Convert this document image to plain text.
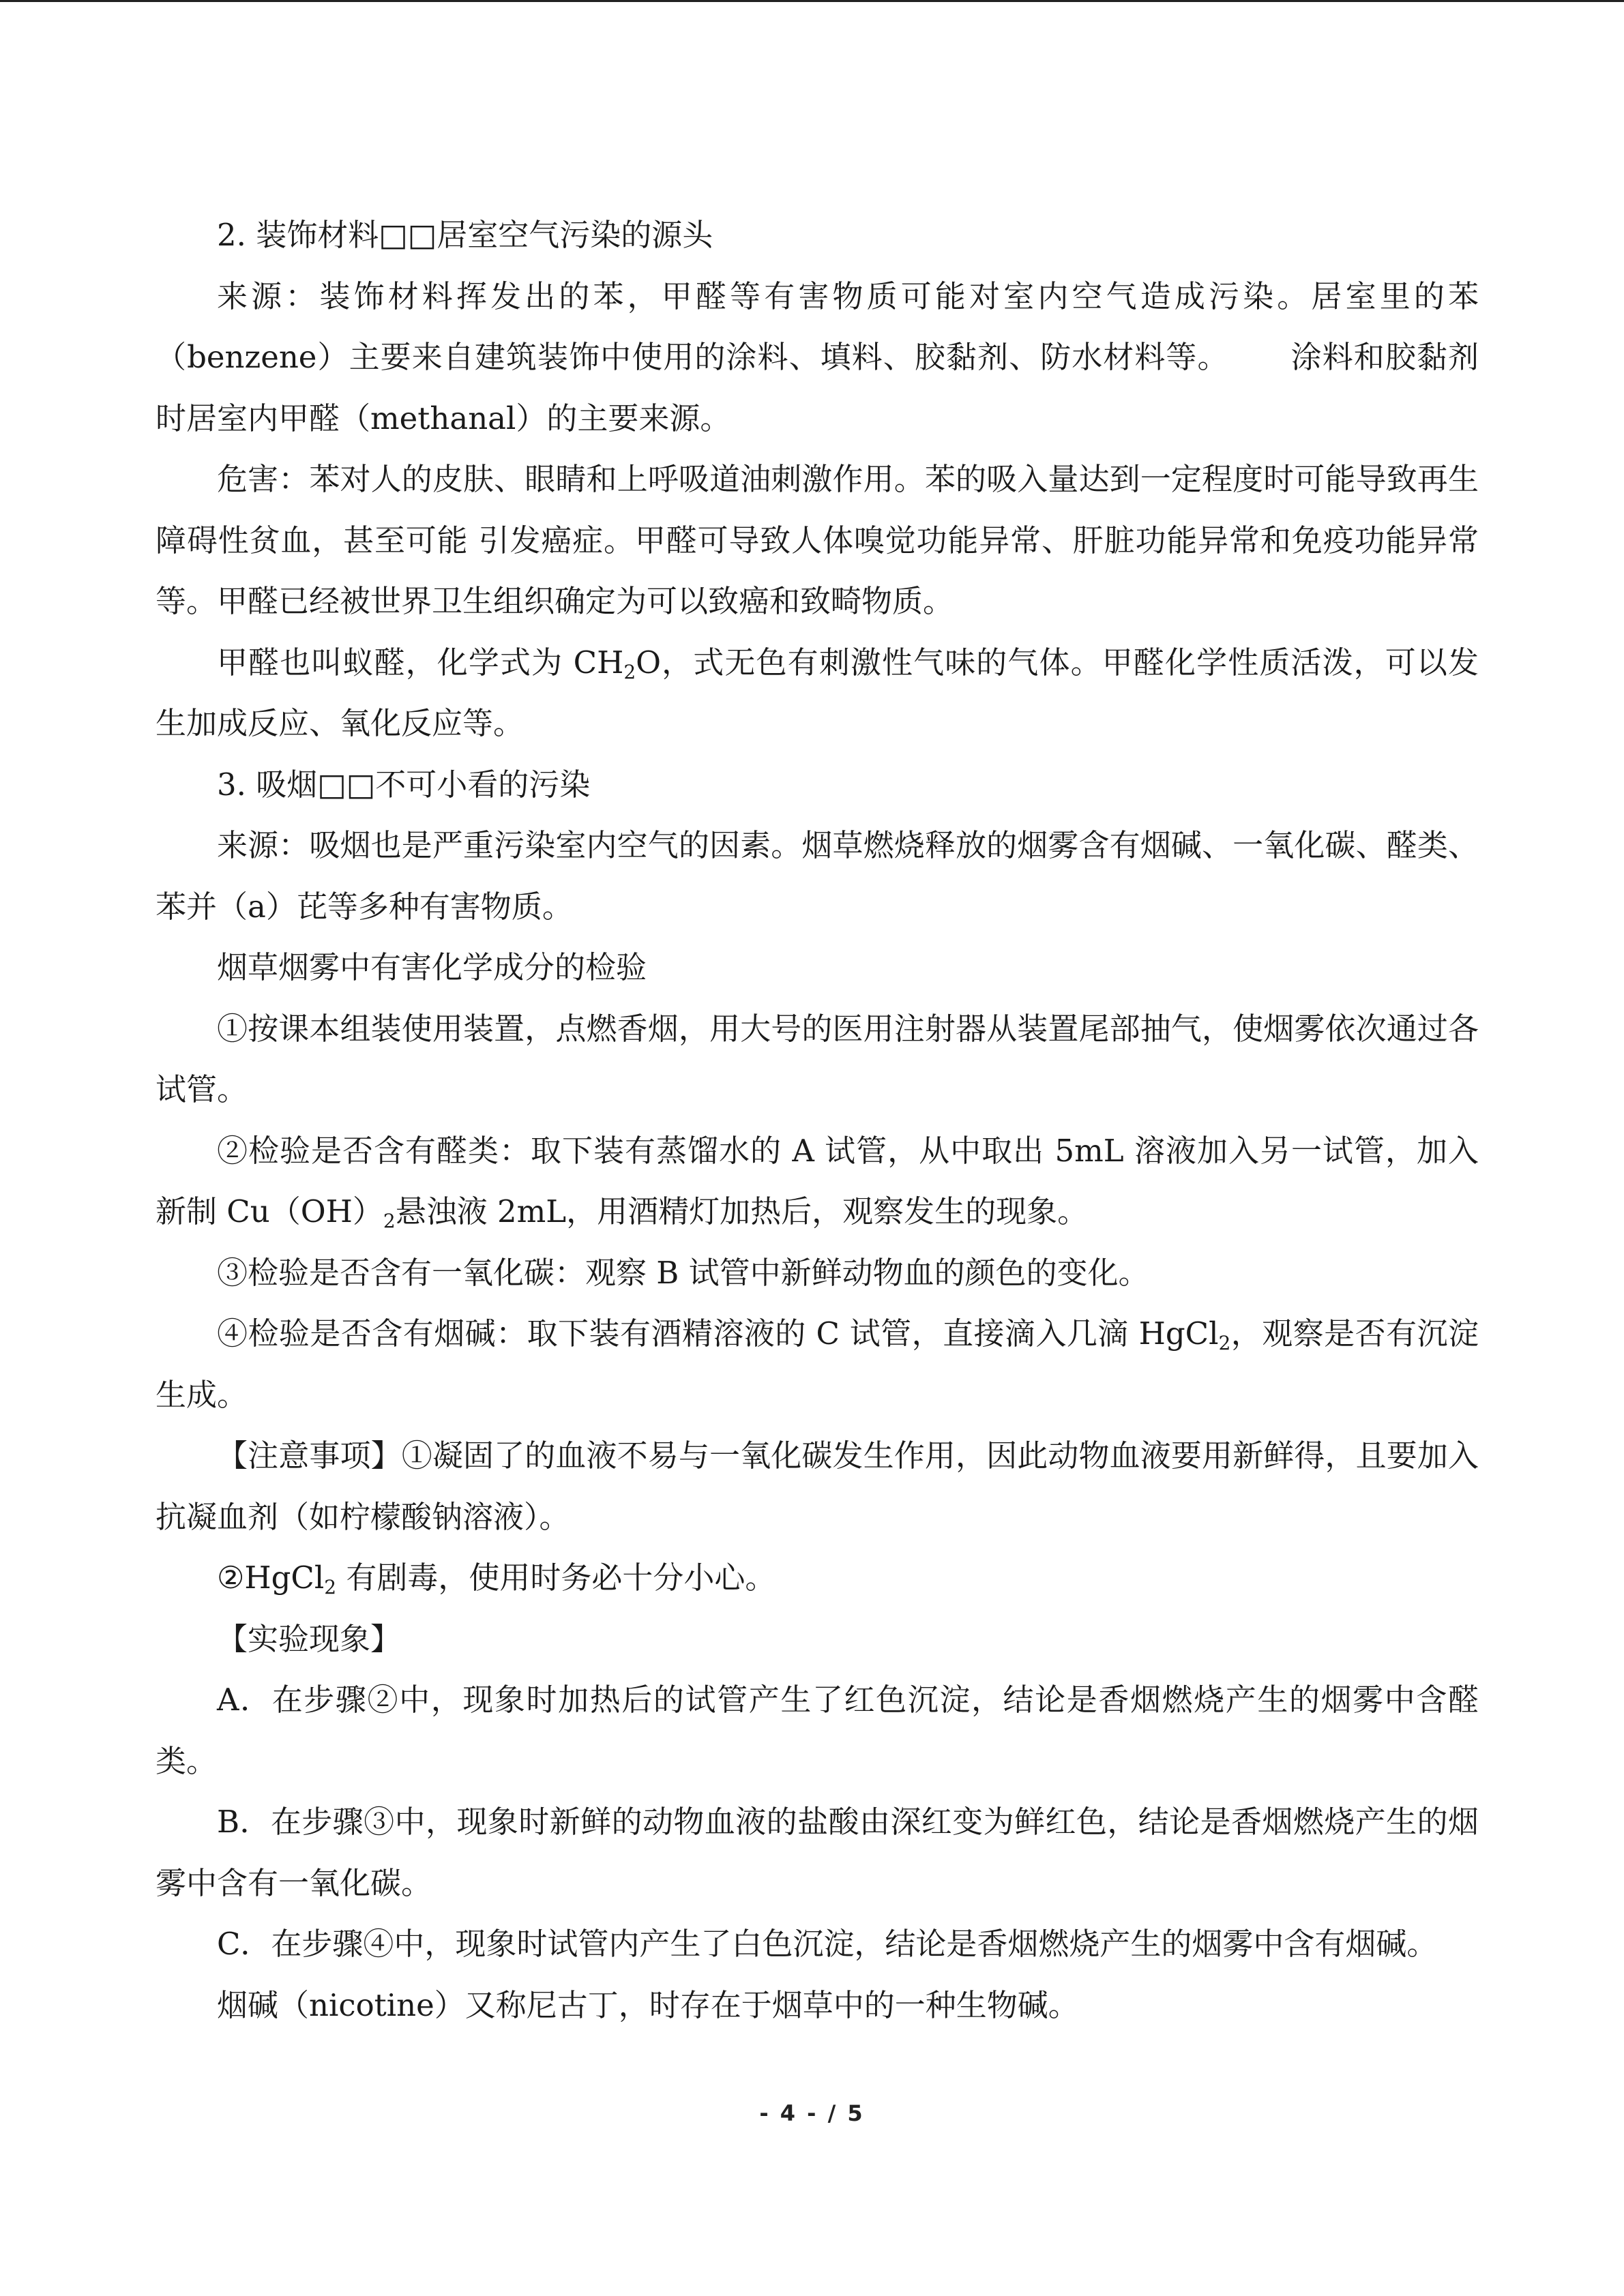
2. 装饰材料□□居室空气污染的源头

来源：装饰材料挥发出的苯，甲醛等有害物质可能对室内空气造成污染。居室里的苯（benzene）主要来自建筑装饰中使用的涂料、填料、胶黏剂、防水材料等。 涂料和胶黏剂时居室内甲醛（methanal）的主要来源。

危害：苯对人的皮肤、眼睛和上呼吸道油刺激作用。苯的吸入量达到一定程度时可能导致再生障碍性贫血，甚至可能 引发癌症。甲醛可导致人体嗅觉功能异常、肝脏功能异常和免疫功能异常等。甲醛已经被世界卫生组织确定为可以致癌和致畸物质。

甲醛也叫蚁醛，化学式为 $CH_2O$，式无色有刺激性气味的气体。甲醛化学性质活泼，可以发生加成反应、氧化反应等。

3. 吸烟□□不可小看的污染

来源：吸烟也是严重污染室内空气的因素。烟草燃烧释放的烟雾含有烟碱、一氧化碳、醛类、苯并（a）芘等多种有害物质。

烟草烟雾中有害化学成分的检验

①按课本组装使用装置，点燃香烟，用大号的医用注射器从装置尾部抽气，使烟雾依次通过各试管。

②检验是否含有醛类：取下装有蒸馏水的 A 试管，从中取出 5mL 溶液加入另一试管，加入新制 $Cu(OH)_2$悬浊液 2mL，用酒精灯加热后，观察发生的现象。

③检验是否含有一氧化碳：观察 B 试管中新鲜动物血的颜色的变化。

④检验是否含有烟碱：取下装有酒精溶液的 C 试管，直接滴入几滴 HgCl$_2$，观察是否有沉淀生成。

【注意事项】①凝固了的血液不易与一氧化碳发生作用，因此动物血液要用新鲜得，且要加入抗凝血剂（如柠檬酸钠溶液）。

②HgCl$_2$ 有剧毒，使用时务必十分小心。

【实验现象】

A．在步骤②中，现象时加热后的试管产生了红色沉淀，结论是香烟燃烧产生的烟雾中含醛类。

B．在步骤③中，现象时新鲜的动物血液的盐酸由深红变为鲜红色，结论是香烟燃烧产生的烟雾中含有一氧化碳。

C．在步骤④中，现象时试管内产生了白色沉淀，结论是香烟燃烧产生的烟雾中含有烟碱。

烟碱（nicotine）又称尼古丁，时存在于烟草中的一种生物碱。

- 4 - / 5
